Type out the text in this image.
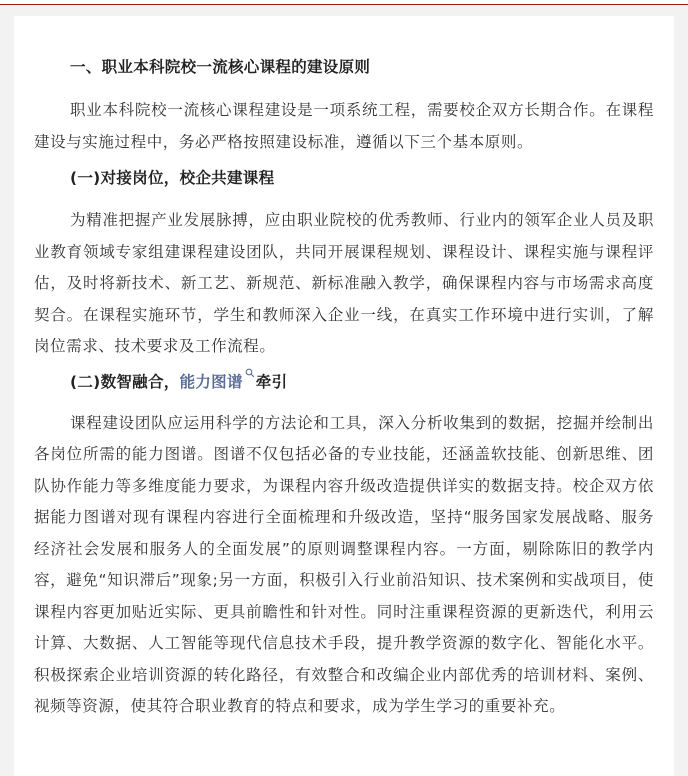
一、职业本科院校一流核心课程的建设原则

职业本科院校一流核心课程建设是一项系统工程，需要校企双方长期合作。在课程建设与实施过程中，务必严格按照建设标准，遵循以下三个基本原则。

(一)对接岗位，校企共建课程

为精准把握产业发展脉搏，应由职业院校的优秀教师、行业内的领军企业人员及职业教育领域专家组建课程建设团队，共同开展课程规划、课程设计、课程实施与课程评估，及时将新技术、新工艺、新规范、新标准融入教学，确保课程内容与市场需求高度契合。在课程实施环节，学生和教师深入企业一线，在真实工作环境中进行实训，了解岗位需求、技术要求及工作流程。

(二)数智融合，能力图谱 牵引

课程建设团队应运用科学的方法论和工具，深入分析收集到的数据，挖掘并绘制出各岗位所需的能力图谱。图谱不仅包括必备的专业技能，还涵盖软技能、创新思维、团队协作能力等多维度能力要求，为课程内容升级改造提供详实的数据支持。校企双方依据能力图谱对现有课程内容进行全面梳理和升级改造，坚持“服务国家发展战略、服务经济社会发展和服务人的全面发展”的原则调整课程内容。一方面，剔除陈旧的教学内容，避免“知识滞后”现象;另一方面，积极引入行业前沿知识、技术案例和实战项目，使课程内容更加贴近实际、更具前瞻性和针对性。同时注重课程资源的更新迭代，利用云计算、大数据、人工智能等现代信息技术手段，提升教学资源的数字化、智能化水平。积极探索企业培训资源的转化路径，有效整合和改编企业内部优秀的培训材料、案例、视频等资源，使其符合职业教育的特点和要求，成为学生学习的重要补充。
